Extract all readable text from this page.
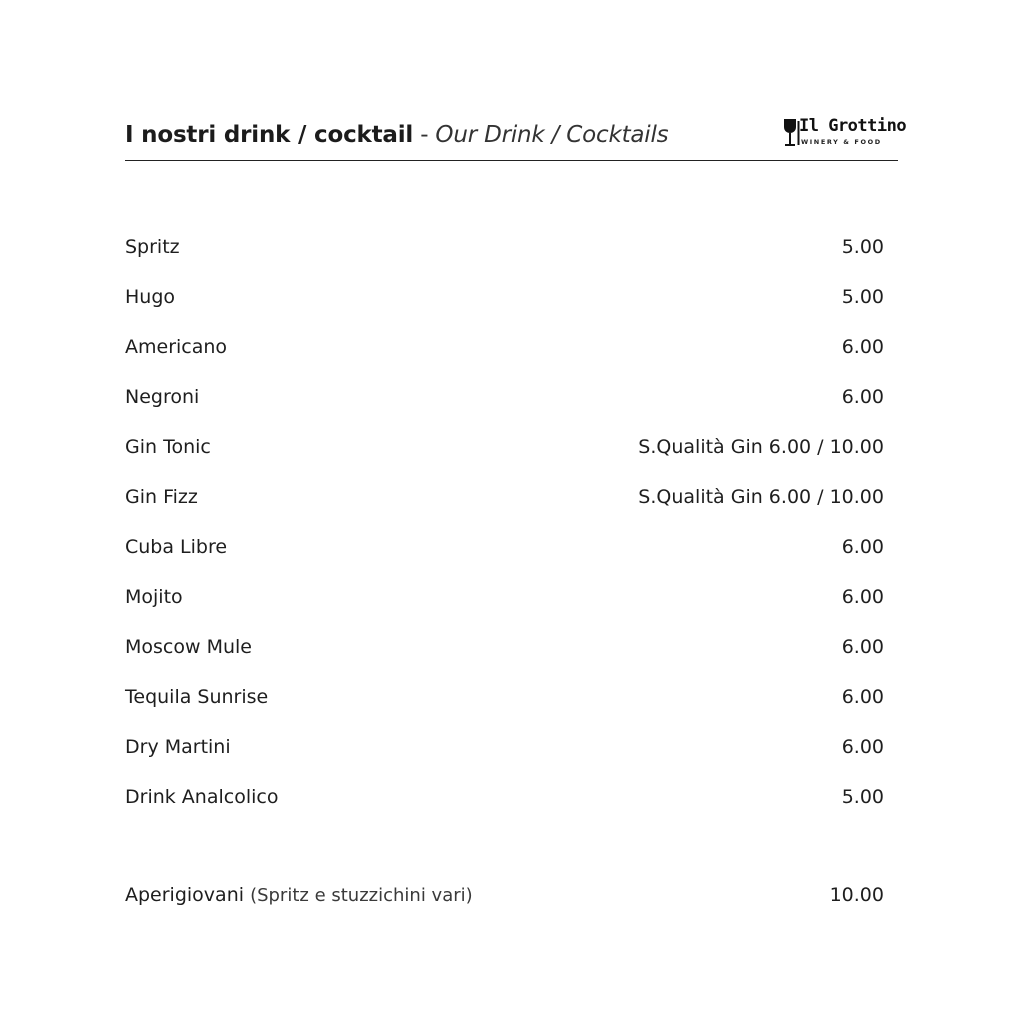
I nostri drink / cocktail - Our Drink / Cocktails	Il Grottino
WINERY & FOOD
Spritz	5.00
Hugo	5.00
Americano	6.00
Negroni	6.00
Gin Tonic	S.Qualità Gin 6.00 / 10.00
Gin Fizz	S.Qualità Gin 6.00 / 10.00
Cuba Libre	6.00
Mojito	6.00
Moscow Mule	6.00
Tequila Sunrise	6.00
Dry Martini	6.00
Drink Analcolico	5.00
Aperigiovani (Spritz e stuzzichini vari)	10.00
